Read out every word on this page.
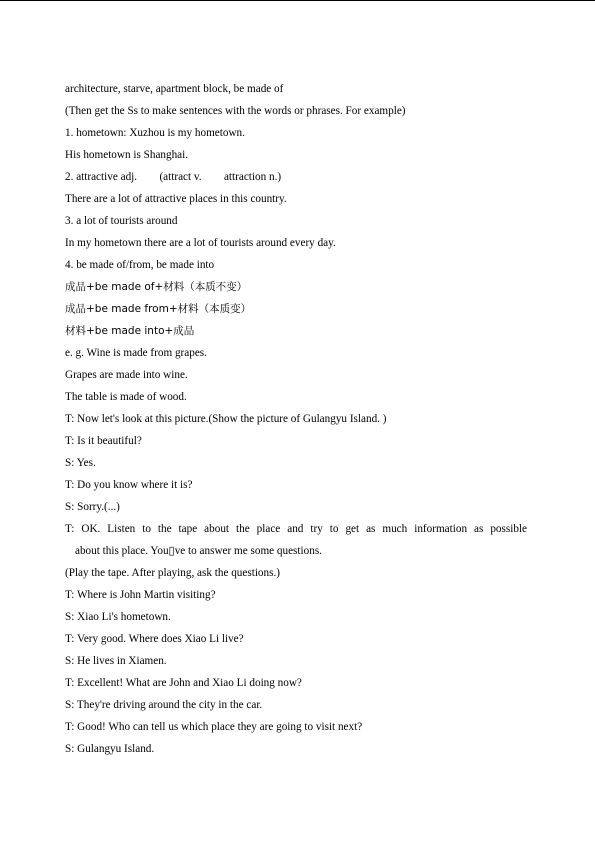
architecture, starve, apartment block, be made of
(Then get the Ss to make sentences with the words or phrases. For example)
1. hometown: Xuzhou is my hometown.
His hometown is Shanghai.
2. attractive adj.        (attract v.        attraction n.)
There are a lot of attractive places in this country.
3. a lot of tourists around
In my hometown there are a lot of tourists around every day.
4. be made of/from, be made into
成品+be made of+材料（本质不变）
成品+be made from+材料（本质变）
材料+be made into+成品
e. g. Wine is made from grapes.
Grapes are made into wine.
The table is made of wood.
T: Now let's look at this picture.(Show the picture of Gulangyu Island. )
T: Is it beautiful?
S: Yes.
T: Do you know where it is?
S: Sorry.(...)
T: OK. Listen to the tape about the place and try to get as much information as possible
about this place. You▯ve to answer me some questions.
(Play the tape. After playing, ask the questions.)
T: Where is John Martin visiting?
S: Xiao Li's hometown.
T: Very good. Where does Xiao Li live?
S: He lives in Xiamen.
T: Excellent! What are John and Xiao Li doing now?
S: They're driving around the city in the car.
T: Good! Who can tell us which place they are going to visit next?
S: Gulangyu Island.
